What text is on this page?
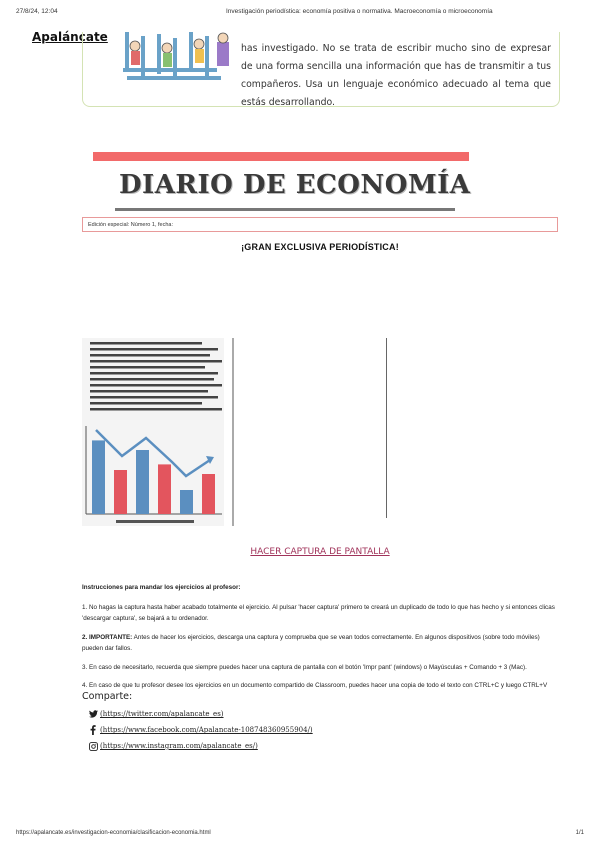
27/8/24, 12:04	Investigación periodística: economía positiva o normativa. Macroeconomía o microeconomía
Apaláncate
has investigado. No se trata de escribir mucho sino de expresar de una forma sencilla una información que has de transmitir a tus compañeros. Usa un lenguaje económico adecuado al tema que estás desarrollando.
DIARIO DE ECONOMÍA
Edición especial: Número 1, fecha:
¡GRAN EXCLUSIVA PERIODÍSTICA!
HACER CAPTURA DE PANTALLA
Instrucciones para mandar los ejercicios al profesor:

1. No hagas la captura hasta haber acabado totalmente el ejercicio. Al pulsar 'hacer captura' primero te creará un duplicado de todo lo que has hecho y si entonces clicas 'descargar captura', se bajará a tu ordenador.

2. IMPORTANTE: Antes de hacer los ejercicios, descarga una captura y comprueba que se vean todos correctamente. En algunos dispositivos (sobre todo móviles) pueden dar fallos.

3. En caso de necesitarlo, recuerda que siempre puedes hacer una captura de pantalla con el botón 'Impr pant' (windows) o Mayúsculas + Comando + 3 (Mac).

4. En caso de que tu profesor desee los ejercicios en un documento compartido de Classroom, puedes hacer una copia de todo el texto con CTRL+C y luego CTRL+V

Comparte:
(https://twitter.com/apalancate_es)
(https://www.facebook.com/Apalancate-108748360955904/)
(https://www.instagram.com/apalancate_es/)
https://apalancate.es/investigacion-economia/clasificacion-economia.html	1/1
